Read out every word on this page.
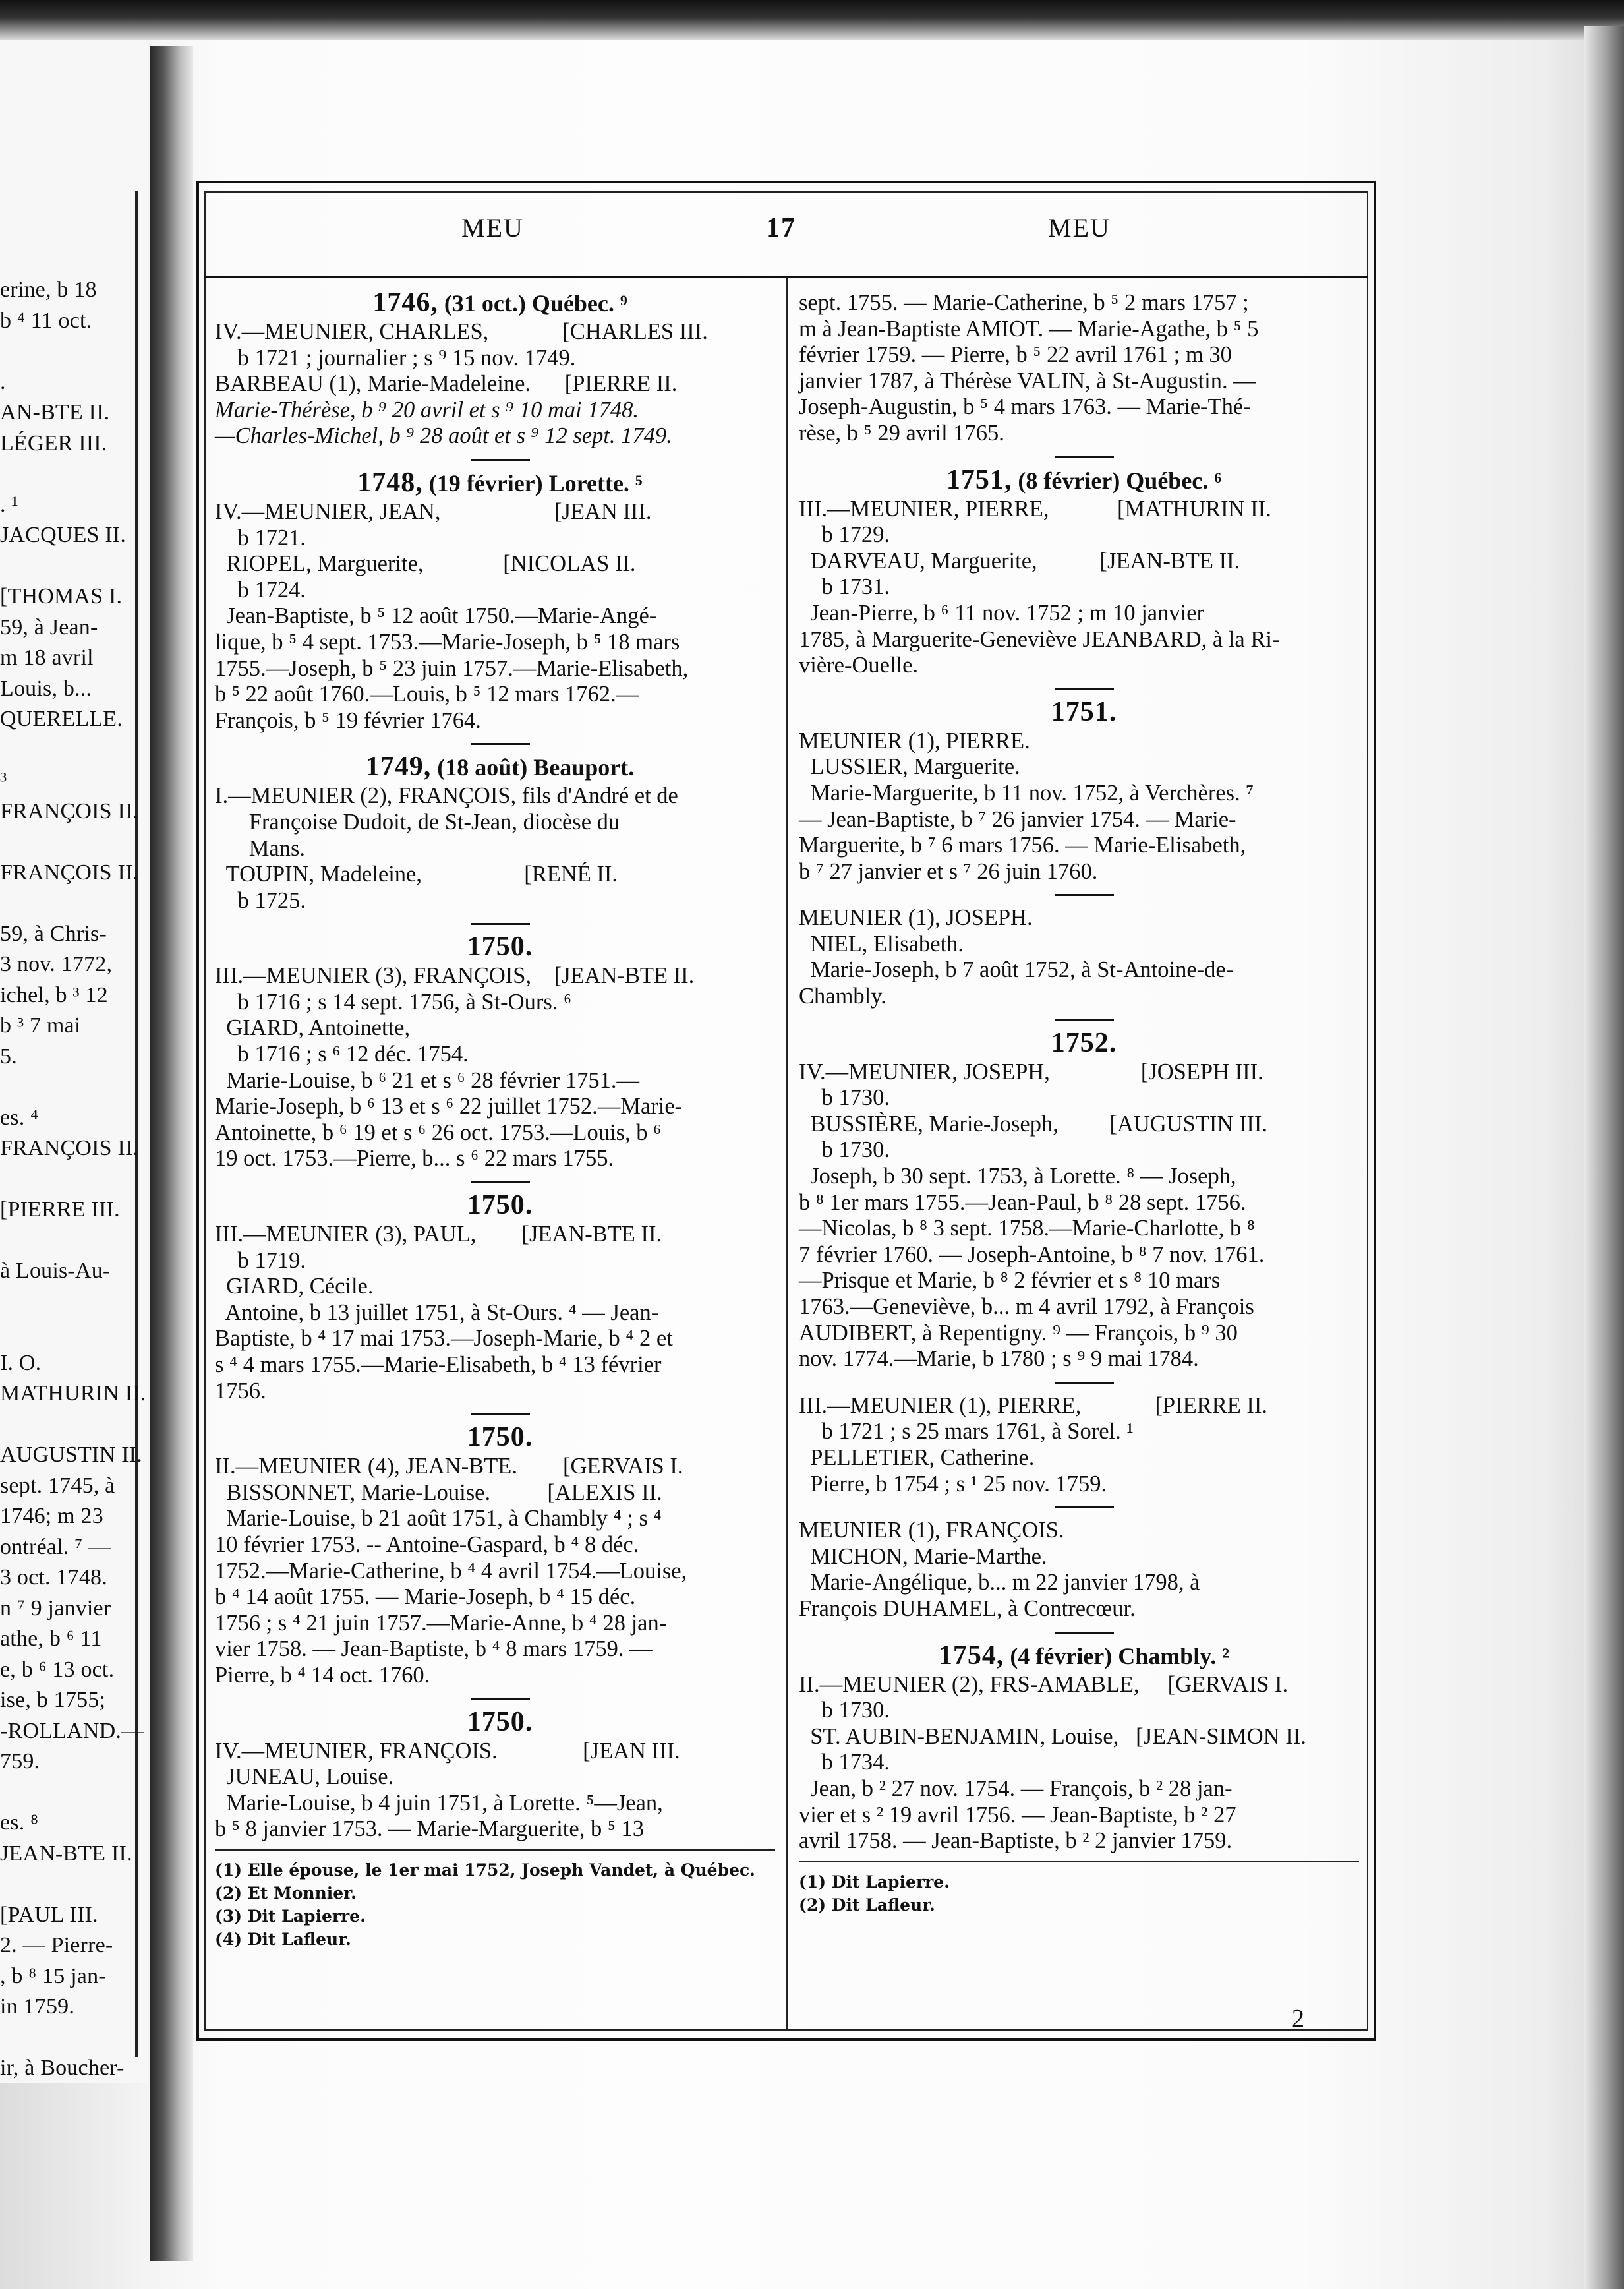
erine, b 18
b ⁴ 11 oct.
.
AN-BTE II.
LÉGER III.
. ¹
JACQUES II.
[THOMAS I.
59, à Jean-
m 18 avril
Louis, b...
QUERELLE.
³
FRANÇOIS II.
FRANÇOIS II.
59, à Chris-
3 nov. 1772,
ichel, b ³ 12
b ³ 7 mai
5.
es. ⁴
FRANÇOIS II.
[PIERRE III.
à Louis-Au-
I. O.
MATHURIN II.
AUGUSTIN II.
sept. 1745, à
1746; m 23
ontréal. ⁷ —
3 oct. 1748.
n ⁷ 9 janvier
athe, b ⁶ 11
e, b ⁶ 13 oct.
ise, b 1755;
-ROLLAND.—
759.
es. ⁸
JEAN-BTE II.
[PAUL III.
2. — Pierre-
, b ⁸ 15 jan-
in 1759.
ir, à Boucher-
MEU	17	MEU
1746, (31 oct.) Québec. ⁹
IV.—MEUNIER, CHARLES,             [CHARLES III.
b 1721 ; journalier ; s ⁹ 15 nov. 1749.
BARBEAU (1), Marie-Madeleine.      [PIERRE II.
Marie-Thérèse, b ⁹ 20 avril et s ⁹ 10 mai 1748.
—Charles-Michel, b ⁹ 28 août et s ⁹ 12 sept. 1749.
1748, (19 février) Lorette. ⁵
IV.—MEUNIER, JEAN,                    [JEAN III.
b 1721.
RIOPEL, Marguerite,              [NICOLAS II.
b 1724.
Jean-Baptiste, b ⁵ 12 août 1750.—Marie-Angé-
lique, b ⁵ 4 sept. 1753.—Marie-Joseph, b ⁵ 18 mars
1755.—Joseph, b ⁵ 23 juin 1757.—Marie-Elisabeth,
b ⁵ 22 août 1760.—Louis, b ⁵ 12 mars 1762.—
François, b ⁵ 19 février 1764.
1749, (18 août) Beauport.
I.—MEUNIER (2), FRANÇOIS, fils d'André et de
Françoise Dudoit, de St-Jean, diocèse du
Mans.
TOUPIN, Madeleine,                  [RENÉ II.
b 1725.
1750.
III.—MEUNIER (3), FRANÇOIS,    [JEAN-BTE II.
b 1716 ; s 14 sept. 1756, à St-Ours. ⁶
GIARD, Antoinette,
b 1716 ; s ⁶ 12 déc. 1754.
Marie-Louise, b ⁶ 21 et s ⁶ 28 février 1751.—
Marie-Joseph, b ⁶ 13 et s ⁶ 22 juillet 1752.—Marie-
Antoinette, b ⁶ 19 et s ⁶ 26 oct. 1753.—Louis, b ⁶
19 oct. 1753.—Pierre, b... s ⁶ 22 mars 1755.
1750.
III.—MEUNIER (3), PAUL,        [JEAN-BTE II.
b 1719.
GIARD, Cécile.
Antoine, b 13 juillet 1751, à St-Ours. ⁴ — Jean-
Baptiste, b ⁴ 17 mai 1753.—Joseph-Marie, b ⁴ 2 et
s ⁴ 4 mars 1755.—Marie-Elisabeth, b ⁴ 13 février
1756.
1750.
II.—MEUNIER (4), JEAN-BTE.        [GERVAIS I.
BISSONNET, Marie-Louise.          [ALEXIS II.
Marie-Louise, b 21 août 1751, à Chambly ⁴ ; s ⁴
10 février 1753. -- Antoine-Gaspard, b ⁴ 8 déc.
1752.—Marie-Catherine, b ⁴ 4 avril 1754.—Louise,
b ⁴ 14 août 1755. — Marie-Joseph, b ⁴ 15 déc.
1756 ; s ⁴ 21 juin 1757.—Marie-Anne, b ⁴ 28 jan-
vier 1758. — Jean-Baptiste, b ⁴ 8 mars 1759. —
Pierre, b ⁴ 14 oct. 1760.
1750.
IV.—MEUNIER, FRANÇOIS.               [JEAN III.
JUNEAU, Louise.
Marie-Louise, b 4 juin 1751, à Lorette. ⁵—Jean,
b ⁵ 8 janvier 1753. — Marie-Marguerite, b ⁵ 13
(1) Elle épouse, le 1er mai 1752, Joseph Vandet, à Québec.
(2) Et Monnier.
(3) Dit Lapierre.
(4) Dit Lafleur.
sept. 1755. — Marie-Catherine, b ⁵ 2 mars 1757 ;
m à Jean-Baptiste AMIOT. — Marie-Agathe, b ⁵ 5
février 1759. — Pierre, b ⁵ 22 avril 1761 ; m 30
janvier 1787, à Thérèse VALIN, à St-Augustin. —
Joseph-Augustin, b ⁵ 4 mars 1763. — Marie-Thé-
rèse, b ⁵ 29 avril 1765.
1751, (8 février) Québec. ⁶
III.—MEUNIER, PIERRE,            [MATHURIN II.
b 1729.
DARVEAU, Marguerite,           [JEAN-BTE II.
b 1731.
Jean-Pierre, b ⁶ 11 nov. 1752 ; m 10 janvier
1785, à Marguerite-Geneviève JEANBARD, à la Ri-
vière-Ouelle.
1751.
MEUNIER (1), PIERRE.
LUSSIER, Marguerite.
Marie-Marguerite, b 11 nov. 1752, à Verchères. ⁷
— Jean-Baptiste, b ⁷ 26 janvier 1754. — Marie-
Marguerite, b ⁷ 6 mars 1756. — Marie-Elisabeth,
b ⁷ 27 janvier et s ⁷ 26 juin 1760.
MEUNIER (1), JOSEPH.
NIEL, Elisabeth.
Marie-Joseph, b 7 août 1752, à St-Antoine-de-
Chambly.
1752.
IV.—MEUNIER, JOSEPH,                [JOSEPH III.
b 1730.
BUSSIÈRE, Marie-Joseph,         [AUGUSTIN III.
b 1730.
Joseph, b 30 sept. 1753, à Lorette. ⁸ — Joseph,
b ⁸ 1er mars 1755.—Jean-Paul, b ⁸ 28 sept. 1756.
—Nicolas, b ⁸ 3 sept. 1758.—Marie-Charlotte, b ⁸
7 février 1760. — Joseph-Antoine, b ⁸ 7 nov. 1761.
—Prisque et Marie, b ⁸ 2 février et s ⁸ 10 mars
1763.—Geneviève, b... m 4 avril 1792, à François
AUDIBERT, à Repentigny. ⁹ — François, b ⁹ 30
nov. 1774.—Marie, b 1780 ; s ⁹ 9 mai 1784.
III.—MEUNIER (1), PIERRE,             [PIERRE II.
b 1721 ; s 25 mars 1761, à Sorel. ¹
PELLETIER, Catherine.
Pierre, b 1754 ; s ¹ 25 nov. 1759.
MEUNIER (1), FRANÇOIS.
MICHON, Marie-Marthe.
Marie-Angélique, b... m 22 janvier 1798, à
François DUHAMEL, à Contrecœur.
1754, (4 février) Chambly. ²
II.—MEUNIER (2), FRS-AMABLE,     [GERVAIS I.
b 1730.
ST. AUBIN-BENJAMIN, Louise,   [JEAN-SIMON II.
b 1734.
Jean, b ² 27 nov. 1754. — François, b ² 28 jan-
vier et s ² 19 avril 1756. — Jean-Baptiste, b ² 27
avril 1758. — Jean-Baptiste, b ² 2 janvier 1759.
(1) Dit Lapierre.
(2) Dit Lafleur.
2
